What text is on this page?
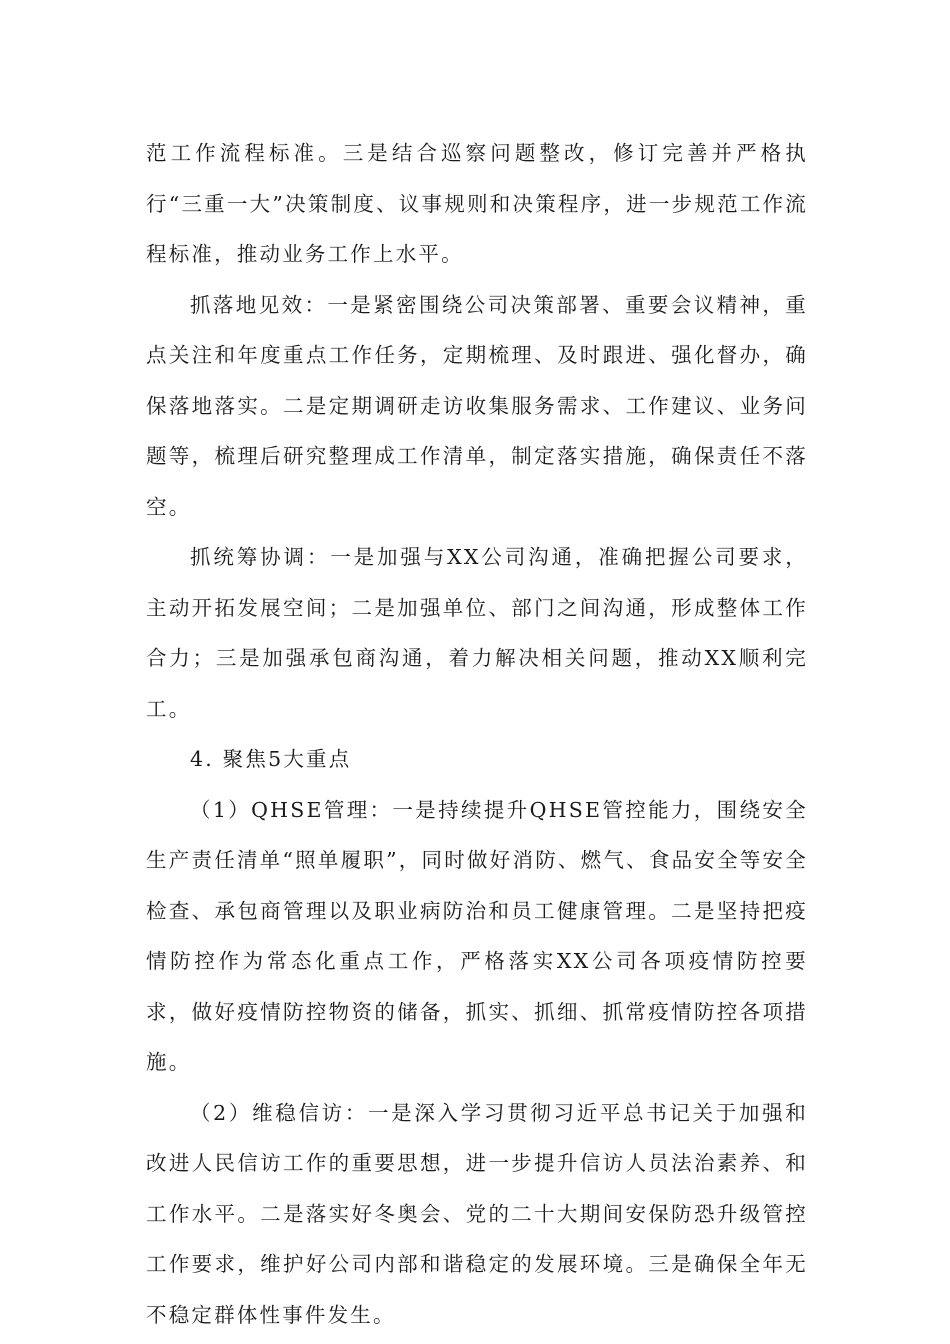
范工作流程标准。三是结合巡察问题整改，修订完善并严格执行“三重一大”决策制度、议事规则和决策程序，进一步规范工作流程标准，推动业务工作上水平。

抓落地见效：一是紧密围绕公司决策部署、重要会议精神，重点关注和年度重点工作任务，定期梳理、及时跟进、强化督办，确保落地落实。二是定期调研走访收集服务需求、工作建议、业务问题等，梳理后研究整理成工作清单，制定落实措施，确保责任不落空。

抓统筹协调：一是加强与XX公司沟通，准确把握公司要求，主动开拓发展空间；二是加强单位、部门之间沟通，形成整体工作合力；三是加强承包商沟通，着力解决相关问题，推动XX顺利完工。

4. 聚焦5大重点

（1）QHSE管理：一是持续提升QHSE管控能力，围绕安全生产责任清单“照单履职”，同时做好消防、燃气、食品安全等安全检查、承包商管理以及职业病防治和员工健康管理。二是坚持把疫情防控作为常态化重点工作，严格落实XX公司各项疫情防控要求，做好疫情防控物资的储备，抓实、抓细、抓常疫情防控各项措施。

（2）维稳信访：一是深入学习贯彻习近平总书记关于加强和改进人民信访工作的重要思想，进一步提升信访人员法治素养、和工作水平。二是落实好冬奥会、党的二十大期间安保防恐升级管控工作要求，维护好公司内部和谐稳定的发展环境。三是确保全年无不稳定群体性事件发生。
